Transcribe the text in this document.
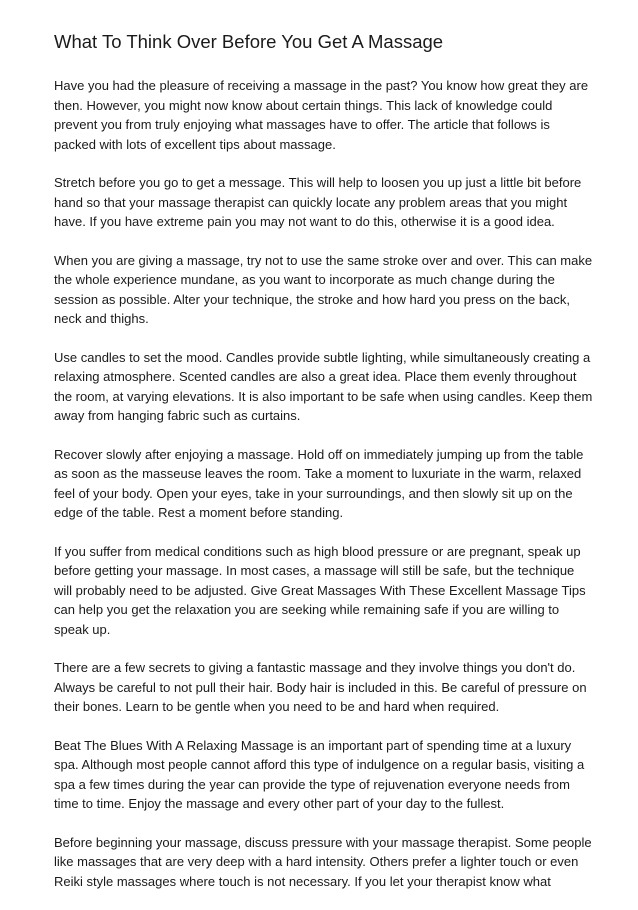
What To Think Over Before You Get A Massage

Have you had the pleasure of receiving a massage in the past? You know how great they are then. However, you might now know about certain things. This lack of knowledge could prevent you from truly enjoying what massages have to offer. The article that follows is packed with lots of excellent tips about massage.

Stretch before you go to get a message. This will help to loosen you up just a little bit before hand so that your massage therapist can quickly locate any problem areas that you might have. If you have extreme pain you may not want to do this, otherwise it is a good idea.

When you are giving a massage, try not to use the same stroke over and over. This can make the whole experience mundane, as you want to incorporate as much change during the session as possible. Alter your technique, the stroke and how hard you press on the back, neck and thighs.

Use candles to set the mood. Candles provide subtle lighting, while simultaneously creating a relaxing atmosphere. Scented candles are also a great idea. Place them evenly throughout the room, at varying elevations. It is also important to be safe when using candles. Keep them away from hanging fabric such as curtains.

Recover slowly after enjoying a massage. Hold off on immediately jumping up from the table as soon as the masseuse leaves the room. Take a moment to luxuriate in the warm, relaxed feel of your body. Open your eyes, take in your surroundings, and then slowly sit up on the edge of the table. Rest a moment before standing.

If you suffer from medical conditions such as high blood pressure or are pregnant, speak up before getting your massage. In most cases, a massage will still be safe, but the technique will probably need to be adjusted. Give Great Massages With These Excellent Massage Tips can help you get the relaxation you are seeking while remaining safe if you are willing to speak up.

There are a few secrets to giving a fantastic massage and they involve things you don't do. Always be careful to not pull their hair. Body hair is included in this. Be careful of pressure on their bones. Learn to be gentle when you need to be and hard when required.

Beat The Blues With A Relaxing Massage is an important part of spending time at a luxury spa. Although most people cannot afford this type of indulgence on a regular basis, visiting a spa a few times during the year can provide the type of rejuvenation everyone needs from time to time. Enjoy the massage and every other part of your day to the fullest.

Before beginning your massage, discuss pressure with your massage therapist. Some people like massages that are very deep with a hard intensity. Others prefer a lighter touch or even Reiki style massages where touch is not necessary. If you let your therapist know what
